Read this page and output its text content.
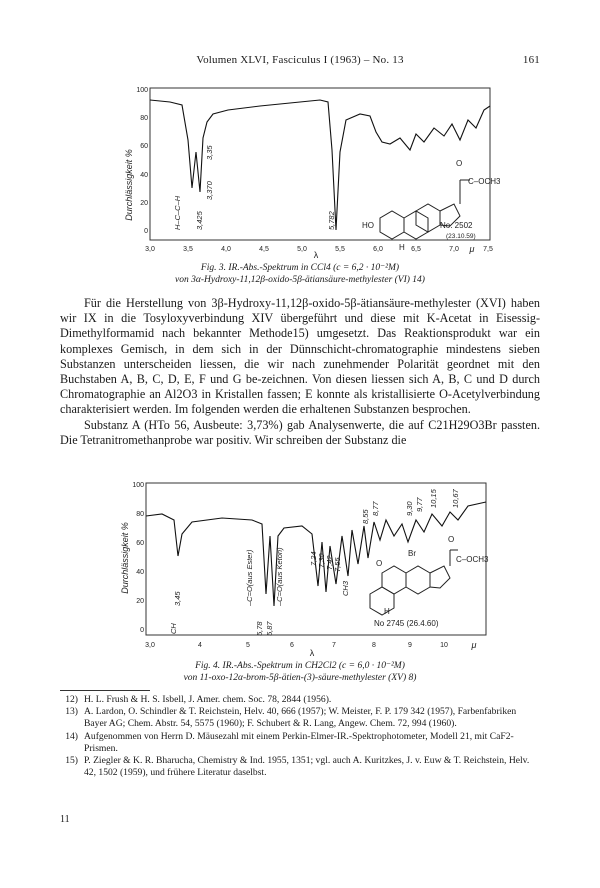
Volumen XLVI, Fasciculus I (1963) – No. 13	161
Durchlässigkeit %
100
80
60
40
20
0
H–C–C–H 3,425
3,370
3,35
5,782
O
C–OCH3
HO
H
No. 2502
(23.10.59)
3,0	3,5	4,0	4,5	5,0	5,5	6,0	6,5	7,0	7,5
λ
μ
Fig. 3. IR.-Abs.-Spektrum in CCl4 (c = 6,2 · 10⁻²M)
von 3α-Hydroxy-11,12β-oxido-5β-ätiansäure-methylester (VI) 14)

Für die Herstellung von 3β-Hydroxy-11,12β-oxido-5β-ätiansäure-methylester (XVI) haben wir IX in die Tosyloxyverbindung XIV übergeführt und diese mit K-Acetat in Eisessig-Dimethylformamid nach bekannter Methode15) umgesetzt. Das Reaktionsprodukt war ein komplexes Gemisch, in dem sich in der Dünnschicht-chromatographie mindestens sieben Substanzen unterscheiden liessen, die wir nach zunehmender Polarität geordnet mit den Buchstaben A, B, C, D, E, F und G be-zeichnen. Von diesen liessen sich A, B, C und D durch Chromatographie an Al2O3 in Kristallen fassen; E konnte als kristallisierte O-Acetylverbindung charakterisiert werden. Im folgenden werden die erhaltenen Substanzen besprochen.

Substanz A (HTo 56, Ausbeute: 3,73%) gab Analysenwerte, die auf C21H29O3Br passten. Die Tetranitromethanprobe war positiv. Wir schreiben der Substanz die

Durchlässigkeit %
100
80
60
40
20
0
3,45
5,78 5,87
7,24 7,30 7,42 7,55
8,55
8,77	9,30 9,77 10,15 10,67
–C=O(aus Ester)	–C=O(aus Keton)	CH3
CH
Br
O
O
C–OCH3
H
No 2745 (26.4.60)
3,0	4	5	6	7	8	9	10
λ
μ
Fig. 4. IR.-Abs.-Spektrum in CH2Cl2 (c = 6,0 · 10⁻²M)
von 11-oxo-12α-brom-5β-ätien-(3)-säure-methylester (XV) 8)
12) H. L. Frush & H. S. Isbell, J. Amer. chem. Soc. 78, 2844 (1956).
13) A. Lardon, O. Schindler & T. Reichstein, Helv. 40, 666 (1957); W. Meister, F. P. 179 342 (1957), Farbenfabriken Bayer AG; Chem. Abstr. 54, 5575 (1960); F. Schubert & R. Lang, Angew. Chem. 72, 994 (1960).
14) Aufgenommen von Herrn D. Mäusezahl mit einem Perkin-Elmer-IR.-Spektrophotometer, Modell 21, mit CaF2-Prismen.
15) P. Ziegler & K. R. Bharucha, Chemistry & Ind. 1955, 1351; vgl. auch A. Kuritzkes, J. v. Euw & T. Reichstein, Helv. 42, 1502 (1959), und frühere Literatur daselbst.
11
